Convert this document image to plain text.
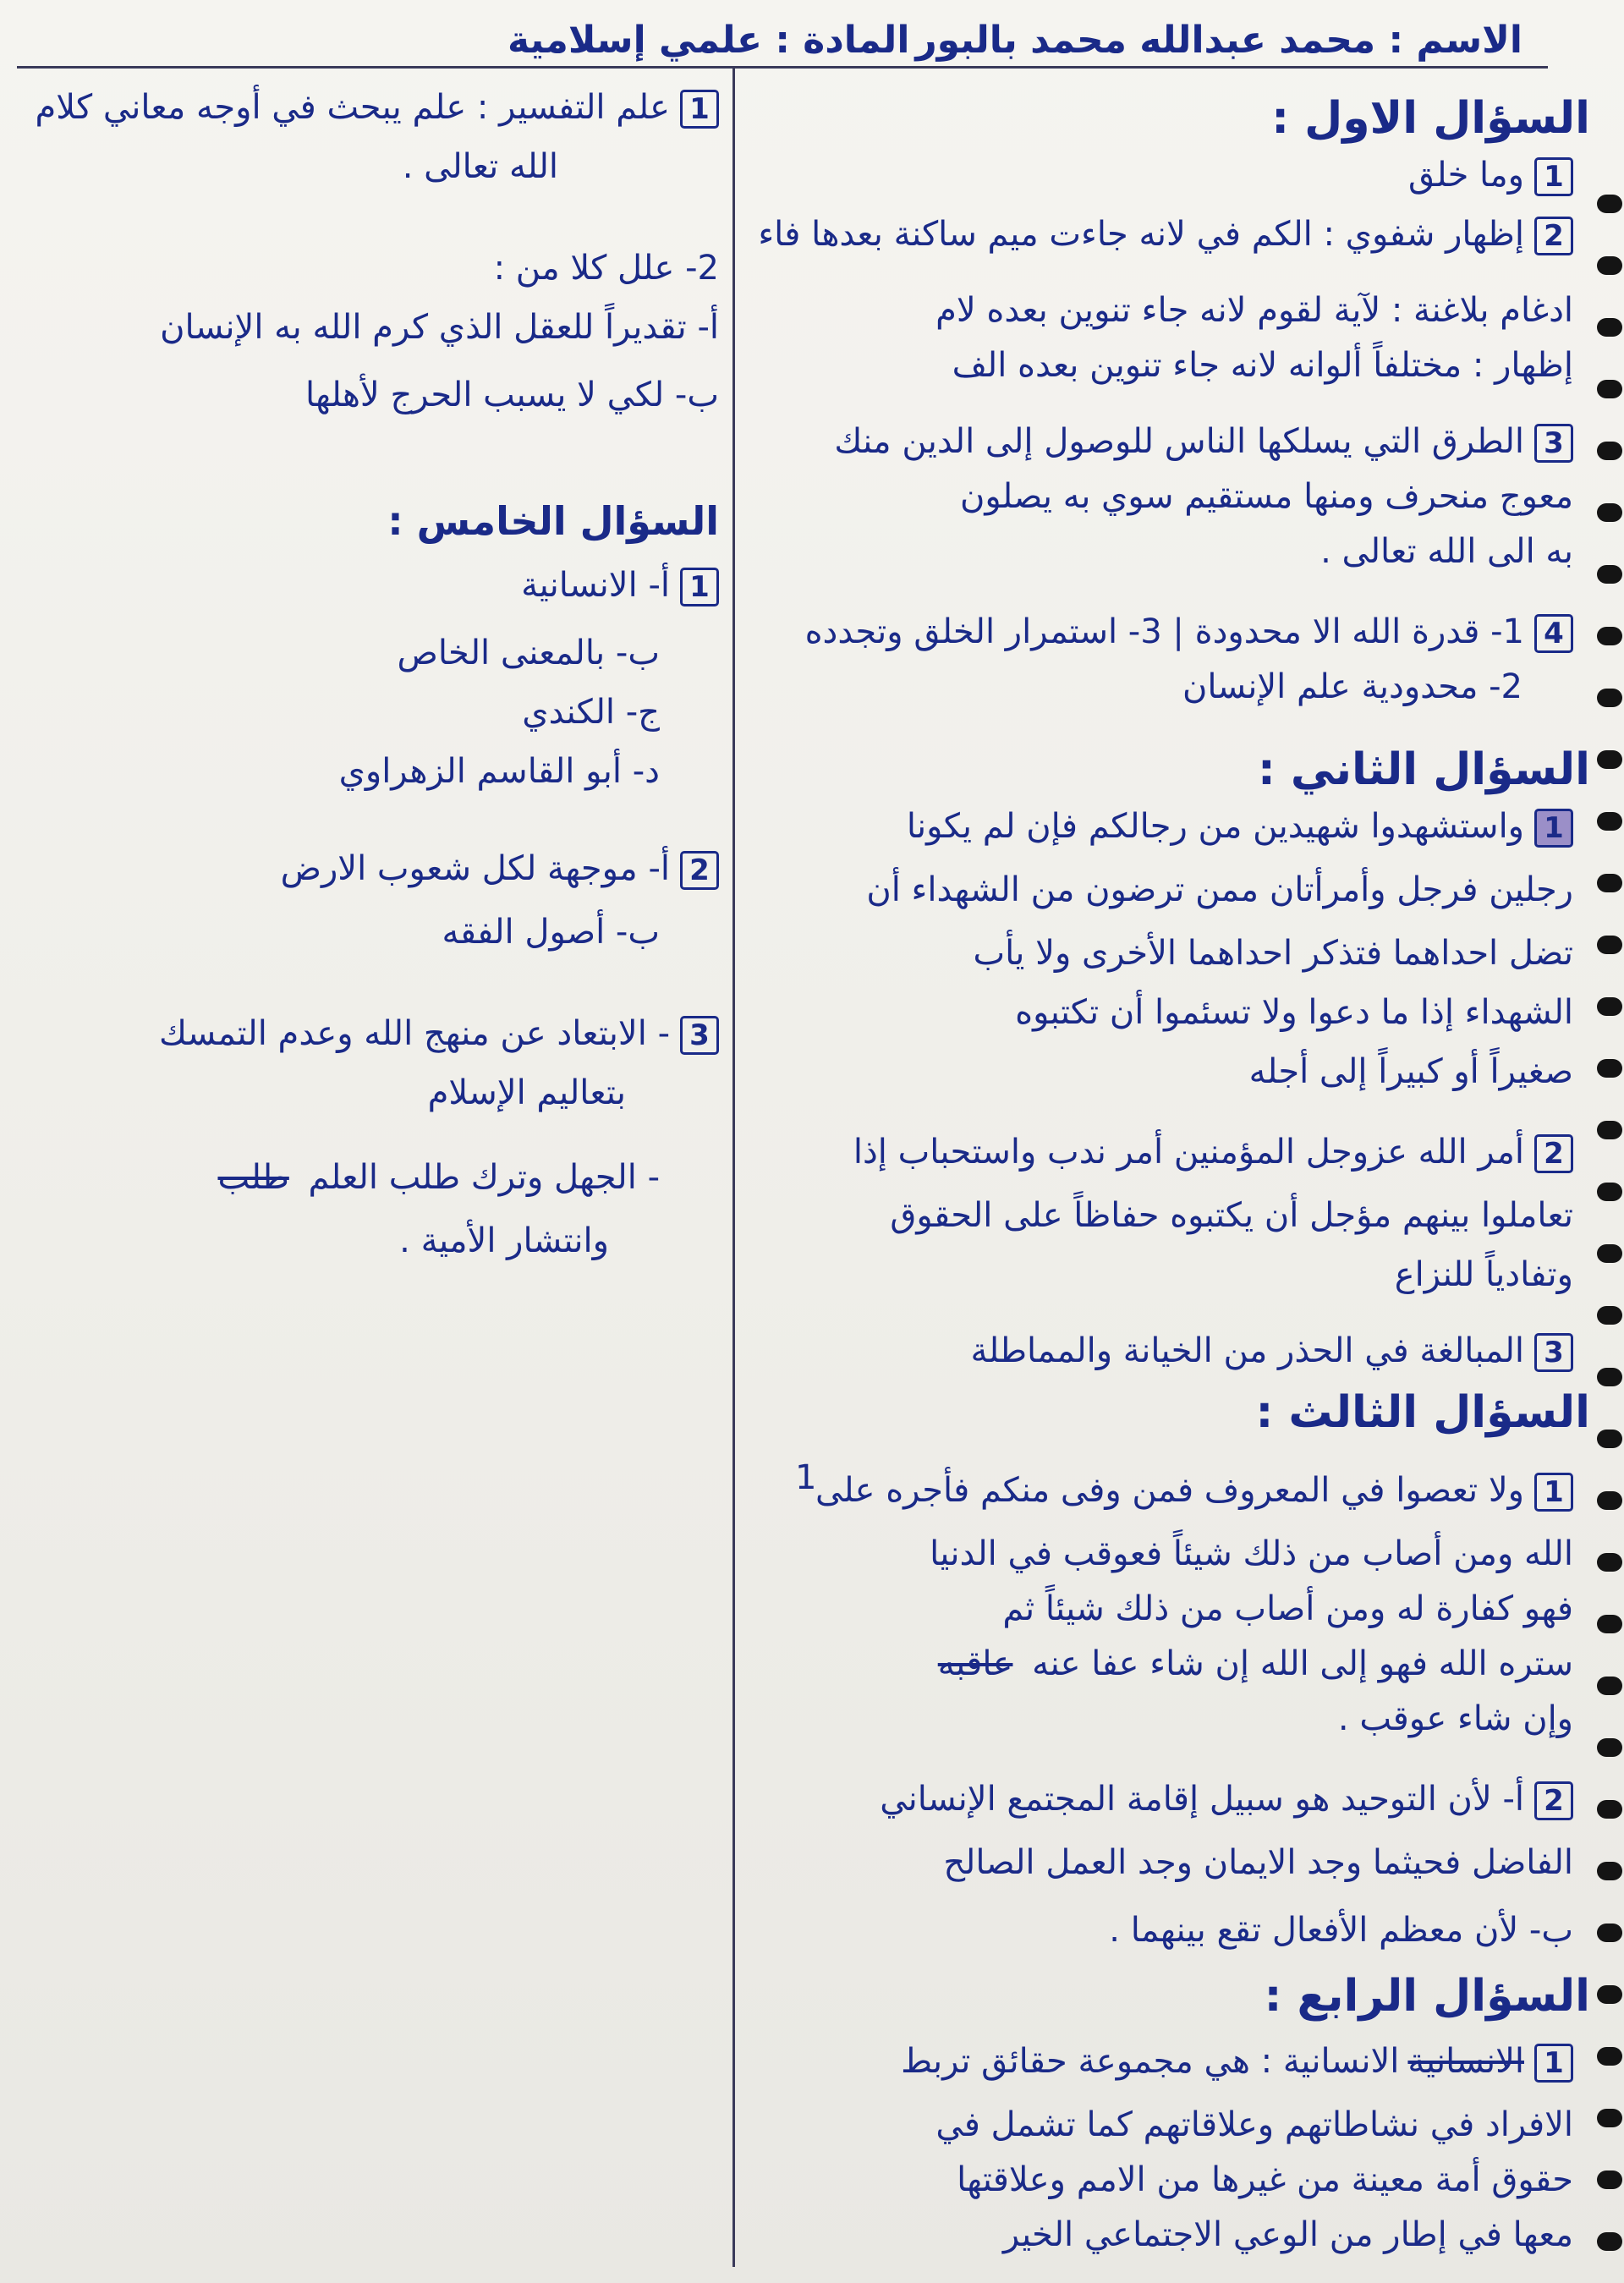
الاسم : محمد عبدالله محمد بالبور
المادة : علمي إسلامية
السؤال الاول :
1وما خلق
2إظهار شفوي : الكم في لانه جاءت ميم ساكنة بعدها فاء
ادغام بلاغنة : لآية لقوم لانه جاء تنوين بعده لام
إظهار : مختلفاً ألوانه لانه جاء تنوين بعده الف
3الطرق التي يسلكها الناس للوصول إلى الدين منك
معوج منحرف ومنها مستقيم سوي به يصلون
به الى الله تعالى .
41- قدرة الله الا محدودة | 3- استمرار الخلق وتجدده
2- محدودية علم الإنسان
السؤال الثاني :
1واستشهدوا شهيدين من رجالكم فإن لم يكونا
رجلين فرجل وأمرأتان ممن ترضون من الشهداء أن
تضل احداهما فتذكر احداهما الأخرى ولا يأب
الشهداء إذا ما دعوا ولا تسئموا أن تكتبوه
صغيراً أو كبيراً إلى أجله
2أمر الله عزوجل المؤمنين أمر ندب واستحباب إذا
تعاملوا بينهم مؤجل أن يكتبوه حفاظاً على الحقوق
وتفادياً للنزاع
3المبالغة في الحذر من الخيانة والمماطلة
السؤال الثالث :
1ولا تعصوا في المعروف فمن وفى منكم فأجره على
1
الله ومن أصاب من ذلك شيئاً فعوقب في الدنيا
فهو كفارة له ومن أصاب من ذلك شيئاً ثم
ستره الله فهو إلى الله إن شاء عفا عنه عاقبه
وإن شاء عوقب .
2أ- لأن التوحيد هو سبيل إقامة المجتمع الإنساني
الفاضل فحيثما وجد الايمان وجد العمل الصالح
ب- لأن معظم الأفعال تقع بينهما .
السؤال الرابع :
1الانسانيةالانسانية : هي مجموعة حقائق تربط
الافراد في نشاطاتهم وعلاقاتهم كما تشمل في
حقوق أمة معينة من غيرها من الامم وعلاقتها
معها في إطار من الوعي الاجتماعي الخير
1علم التفسير : علم يبحث في أوجه معاني كلام
الله تعالى .
2- علل كلا من :
أ- تقديراً للعقل الذي كرم الله به الإنسان
ب- لكي لا يسبب الحرج لأهلها
السؤال الخامس :
1أ- الانسانية
ب- بالمعنى الخاص
ج- الكندي
د- أبو القاسم الزهراوي
2أ- موجهة لكل شعوب الارض
ب- أصول الفقه
3- الابتعاد عن منهج الله وعدم التمسك
بتعاليم الإسلام
- الجهل وترك طلب العلم طلب
وانتشار الأمية .
